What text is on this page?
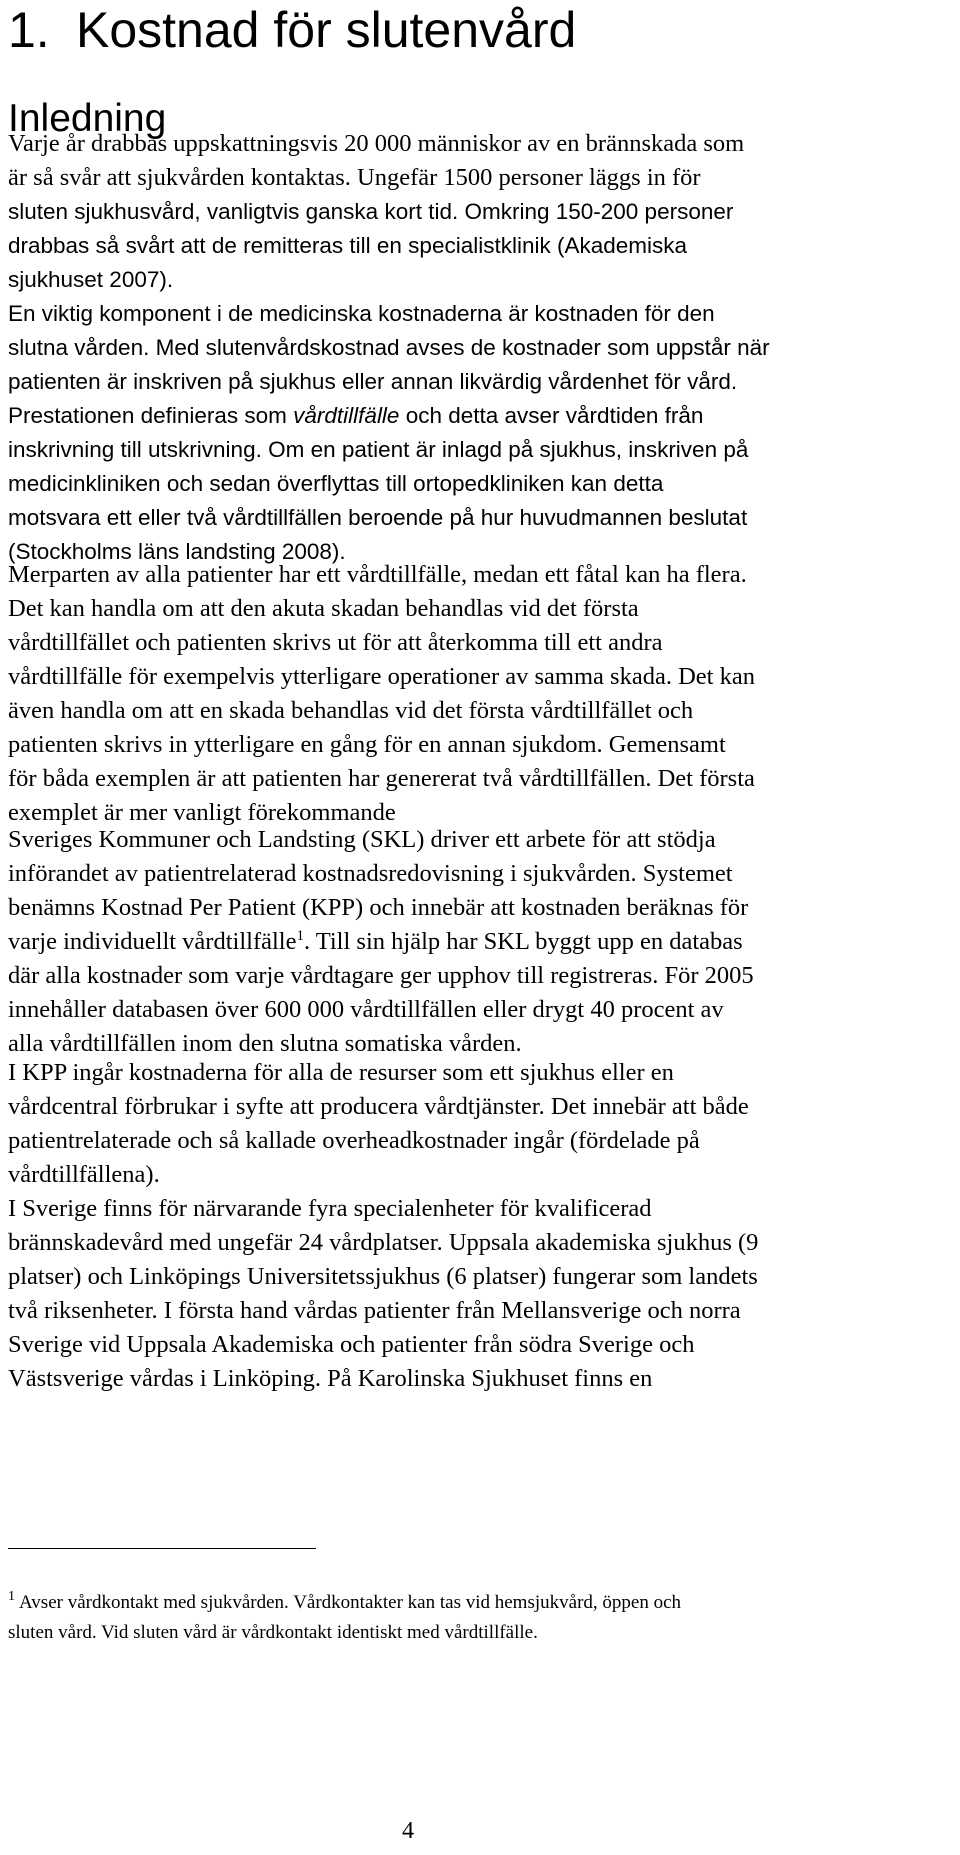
1. Kostnad för slutenvård
Inledning
Varje år drabbas uppskattningsvis 20 000 människor av en brännskada som
är så svår att sjukvården kontaktas. Ungefär 1500 personer läggs in för
sluten sjukhusvård, vanligtvis ganska kort tid. Omkring 150-200 personer
drabbas så svårt att de remitteras till en specialistklinik (Akademiska
sjukhuset 2007).
En viktig komponent i de medicinska kostnaderna är kostnaden för den
slutna vården. Med slutenvårdskostnad avses de kostnader som uppstår när
patienten är inskriven på sjukhus eller annan likvärdig vårdenhet för vård.
Prestationen definieras som vårdtillfälle och detta avser vårdtiden från
inskrivning till utskrivning. Om en patient är inlagd på sjukhus, inskriven på
medicinkliniken och sedan överflyttas till ortopedkliniken kan detta
motsvara ett eller två vårdtillfällen beroende på hur huvudmannen beslutat
(Stockholms läns landsting 2008).
Merparten av alla patienter har ett vårdtillfälle, medan ett fåtal kan ha flera.
Det kan handla om att den akuta skadan behandlas vid det första
vårdtillfället och patienten skrivs ut för att återkomma till ett andra
vårdtillfälle för exempelvis ytterligare operationer av samma skada. Det kan
även handla om att en skada behandlas vid det första vårdtillfället och
patienten skrivs in ytterligare en gång för en annan sjukdom. Gemensamt
för båda exemplen är att patienten har genererat två vårdtillfällen. Det första
exemplet är mer vanligt förekommande
Sveriges Kommuner och Landsting (SKL) driver ett arbete för att stödja
införandet av patientrelaterad kostnadsredovisning i sjukvården. Systemet
benämns Kostnad Per Patient (KPP) och innebär att kostnaden beräknas för
varje individuellt vårdtillfälle$^1$. Till sin hjälp har SKL byggt upp en databas
där alla kostnader som varje vårdtagare ger upphov till registreras. För 2005
innehåller databasen över 600 000 vårdtillfällen eller drygt 40 procent av
alla vårdtillfällen inom den slutna somatiska vården.
I KPP ingår kostnaderna för alla de resurser som ett sjukhus eller en
vårdcentral förbrukar i syfte att producera vårdtjänster. Det innebär att både
patientrelaterade och så kallade overheadkostnader ingår (fördelade på
vårdtillfällena).
I Sverige finns för närvarande fyra specialenheter för kvalificerad
brännskadevård med ungefär 24 vårdplatser. Uppsala akademiska sjukhus (9
platser) och Linköpings Universitetssjukhus (6 platser) fungerar som landets
två riksenheter. I första hand vårdas patienter från Mellansverige och norra
Sverige vid Uppsala Akademiska och patienter från södra Sverige och
Västsverige vårdas i Linköping. På Karolinska Sjukhuset finns en
$^1$ Avser vårdkontakt med sjukvården. Vårdkontakter kan tas vid hemsjukvård, öppen och
sluten vård. Vid sluten vård är vårdkontakt identiskt med vårdtillfälle.
4
